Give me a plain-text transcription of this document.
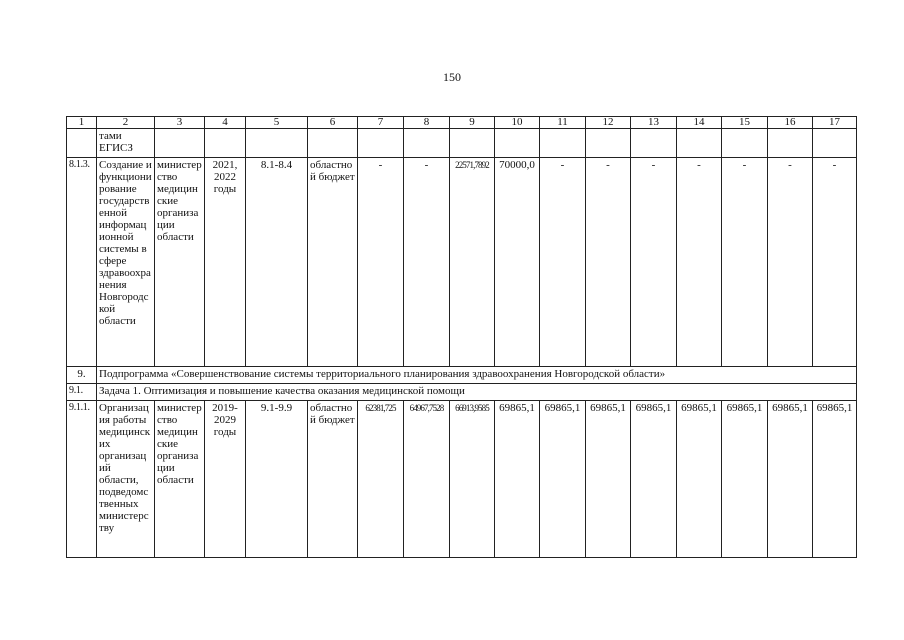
150
1	2	3	4	5	6	7	8	9	10	11	12	13	14	15	16	17
	тами ЕГИСЗ															
8.1.3.	Создание и функционирование государственной информационной системы в сфере здравоохранения Новгородской области	министерство медицинские организации области	2021, 2022 годы	8.1-8.4	областной бюджет	-	-	22571,7892	70000,0	-	-	-	-	-	-	-
9.	Подпрограмма «Совершенствование системы территориального планирования здравоохранения Новгородской области»															
9.1.	Задача 1. Оптимизация и повышение качества оказания медицинской помощи															
9.1.1.	Организация работы медицинских организаций области, подведомственных министерству	министерство медицинские организации области	2019-2029 годы	9.1-9.9	областной бюджет	62381,725	64967,7528	66913,9585	69865,1	69865,1	69865,1	69865,1	69865,1	69865,1	69865,1	69865,1
